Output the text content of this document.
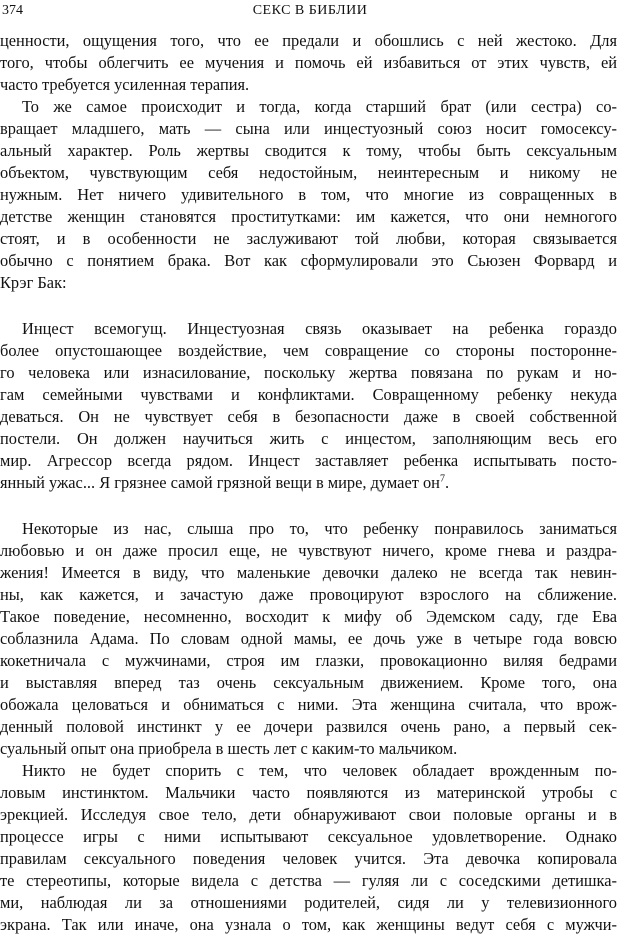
374	СЕКС В БИБЛИИ
ценности, ощущения того, что ее предали и обошлись с ней жестоко. Для
того, чтобы облегчить ее мучения и помочь ей избавиться от этих чувств, ей
часто требуется усиленная терапия.
То же самое происходит и тогда, когда старший брат (или сестра) со-
вращает младшего, мать — сына или инцестуозный союз носит гомосексу-
альный характер. Роль жертвы сводится к тому, чтобы быть сексуальным
объектом, чувствующим себя недостойным, неинтересным и никому не
нужным. Нет ничего удивительного в том, что многие из совращенных в
детстве женщин становятся проститутками: им кажется, что они немногого
стоят, и в особенности не заслуживают той любви, которая связывается
обычно с понятием брака. Вот как сформулировали это Сьюзен Форвард и
Крэг Бак:
Инцест всемогущ. Инцестуозная связь оказывает на ребенка гораздо
более опустошающее воздействие, чем совращение со стороны постороннe-
го человека или изнасилование, поскольку жертва повязана по рукам и но-
гам семейными чувствами и конфликтами. Совращенному ребенку некуда
деваться. Он не чувствует себя в безопасности даже в своей собственной
постели. Он должен научиться жить с инцестом, заполняющим весь его
мир. Агрессор всегда рядом. Инцест заставляет ребенка испытывать посто-
янный ужас... Я грязнее самой грязной вещи в мире, думает $он^7$.
Некоторые из нас, слыша про то, что ребенку понравилось заниматься
любовью и он даже просил еще, не чувствуют ничего, кроме гнева и раздра-
жения! Имеется в виду, что маленькие девочки далеко не всегда так невин-
ны, как кажется, и зачастую даже провоцируют взрослого на сближение.
Такое поведение, несомненно, восходит к мифу об Эдемском саду, где Ева
соблазнила Адама. По словам одной мамы, ее дочь уже в четыре года вовсю
кокетничала с мужчинами, строя им глазки, провокационно виляя бедрами
и выставляя вперед таз очень сексуальным движением. Кроме того, она
обожала целоваться и обниматься с ними. Эта женщина считала, что врож-
денный половой инстинкт у ее дочери развился очень рано, а первый сек-
суальный опыт она приобрела в шесть лет с каким-то мальчиком.
Никто не будет спорить с тем, что человек обладает врожденным по-
ловым инстинктом. Мальчики часто появляются из материнской утробы с
эрекцией. Исследуя свое тело, дети обнаруживают свои половые органы и в
процессе игры с ними испытывают сексуальное удовлетворение. Однако
правилам сексуального поведения человек учится. Эта девочка копировала
те стереотипы, которые видела с детства — гуляя ли с соседскими детишка-
ми, наблюдая ли за отношениями родителей, сидя ли у телевизионного
экрана. Так или иначе, она узнала о том, как женщины ведут себя с мужчи-
